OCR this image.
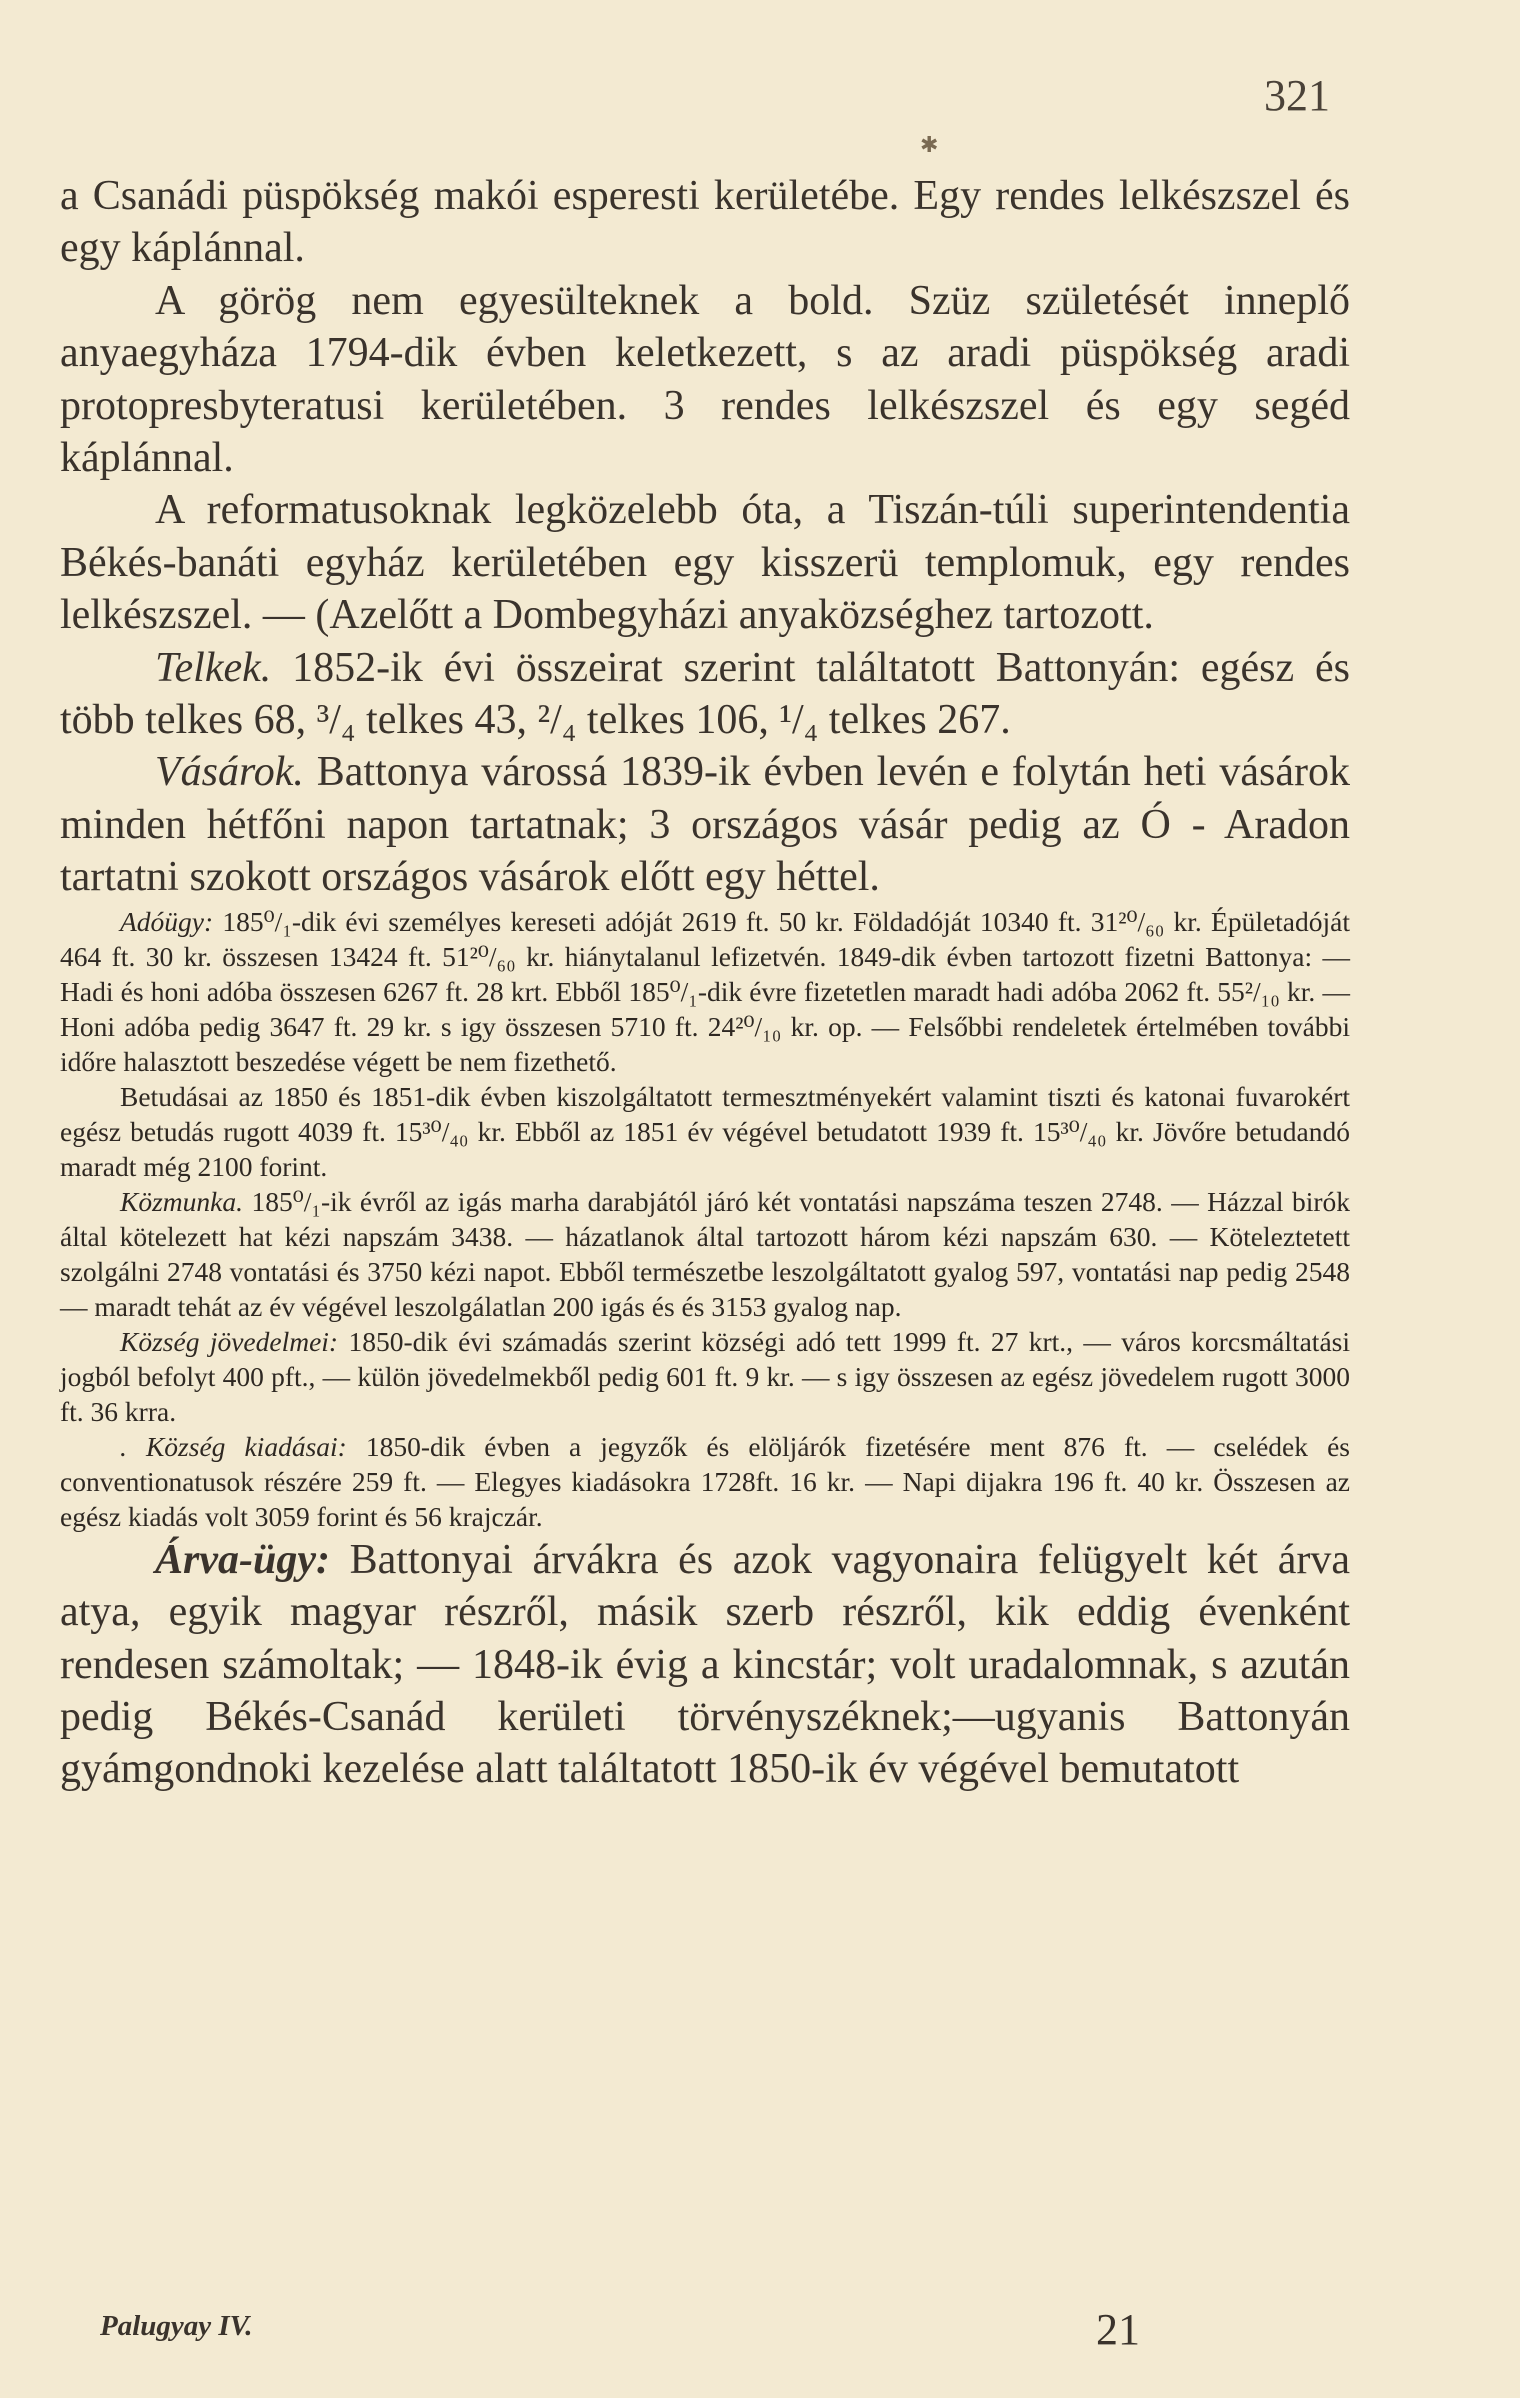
321
✱

a Csanádi püspökség makói esperesti kerületébe. Egy rendes lelkészszel és egy káplánnal.

A görög nem egyesülteknek a bold. Szüz születését inneplő anyaegyháza 1794-dik évben keletkezett, s az aradi püspökség aradi protopresbyteratusi kerületében. 3 rendes lelkészszel és egy segéd káplánnal.

A reformatusoknak legközelebb óta, a Tiszán-túli superintendentia Békés-banáti egyház kerületében egy kisszerü templomuk, egy rendes lelkészszel. — (Azelőtt a Dombegyházi anyaközséghez tartozott.

Telkek. 1852-ik évi összeirat szerint találtatott Battonyán: egész és több telkes 68, ³/₄ telkes 43, ²/₄ telkes 106, ¹/₄ telkes 267.

Vásárok. Battonya várossá 1839-ik évben levén e folytán heti vásárok minden hétfőni napon tartatnak; 3 országos vásár pedig az Ó - Aradon tartatni szokott országos vásárok előtt egy héttel.

Adóügy: 185⁰/₁-dik évi személyes kereseti adóját 2619 ft. 50 kr. Földadóját 10340 ft. 31²⁰/₆₀ kr. Épületadóját 464 ft. 30 kr. összesen 13424 ft. 51²⁰/₆₀ kr. hiánytalanul lefizetvén. 1849-dik évben tartozott fizetni Battonya: — Hadi és honi adóba összesen 6267 ft. 28 krt. Ebből 185⁰/₁-dik évre fizetetlen maradt hadi adóba 2062 ft. 55²/₁₀ kr. — Honi adóba pedig 3647 ft. 29 kr. s igy összesen 5710 ft. 24²⁰/₁₀ kr. op. — Felsőbbi rendeletek értelmében további időre halasztott beszedése végett be nem fizethető.

Betudásai az 1850 és 1851-dik évben kiszolgáltatott termesztményekért valamint tiszti és katonai fuvarokért egész betudás rugott 4039 ft. 15³⁰/₄₀ kr. Ebből az 1851 év végével betudatott 1939 ft. 15³⁰/₄₀ kr. Jövőre betudandó maradt még 2100 forint.

Közmunka. 185⁰/₁-ik évről az igás marha darabjától járó két vontatási napszáma teszen 2748. — Házzal birók által kötelezett hat kézi napszám 3438. — házatlanok által tartozott három kézi napszám 630. — Köteleztetett szolgálni 2748 vontatási és 3750 kézi napot. Ebből természetbe leszolgáltatott gyalog 597, vontatási nap pedig 2548 — maradt tehát az év végével leszolgálatlan 200 igás és és 3153 gyalog nap.

Község jövedelmei: 1850-dik évi számadás szerint községi adó tett 1999 ft. 27 krt., — város korcsmáltatási jogból befolyt 400 pft., — külön jövedelmekből pedig 601 ft. 9 kr. — s igy összesen az egész jövedelem rugott 3000 ft. 36 krra.

. Község kiadásai: 1850-dik évben a jegyzők és elöljárók fizetésére ment 876 ft. — cselédek és conventionatusok részére 259 ft. — Elegyes kiadásokra 1728ft. 16 kr. — Napi dijakra 196 ft. 40 kr. Összesen az egész kiadás volt 3059 forint és 56 krajczár.

Árva-ügy: Battonyai árvákra és azok vagyonaira felügyelt két árva atya, egyik magyar részről, másik szerb részről, kik eddig évenként rendesen számoltak; — 1848-ik évig a kincstár; volt uradalomnak, s azután pedig Békés-Csanád kerületi törvényszéknek;—ugyanis Battonyán gyámgondnoki kezelése alatt találtatott 1850-ik év végével bemutatott

Palugyay IV.	21
